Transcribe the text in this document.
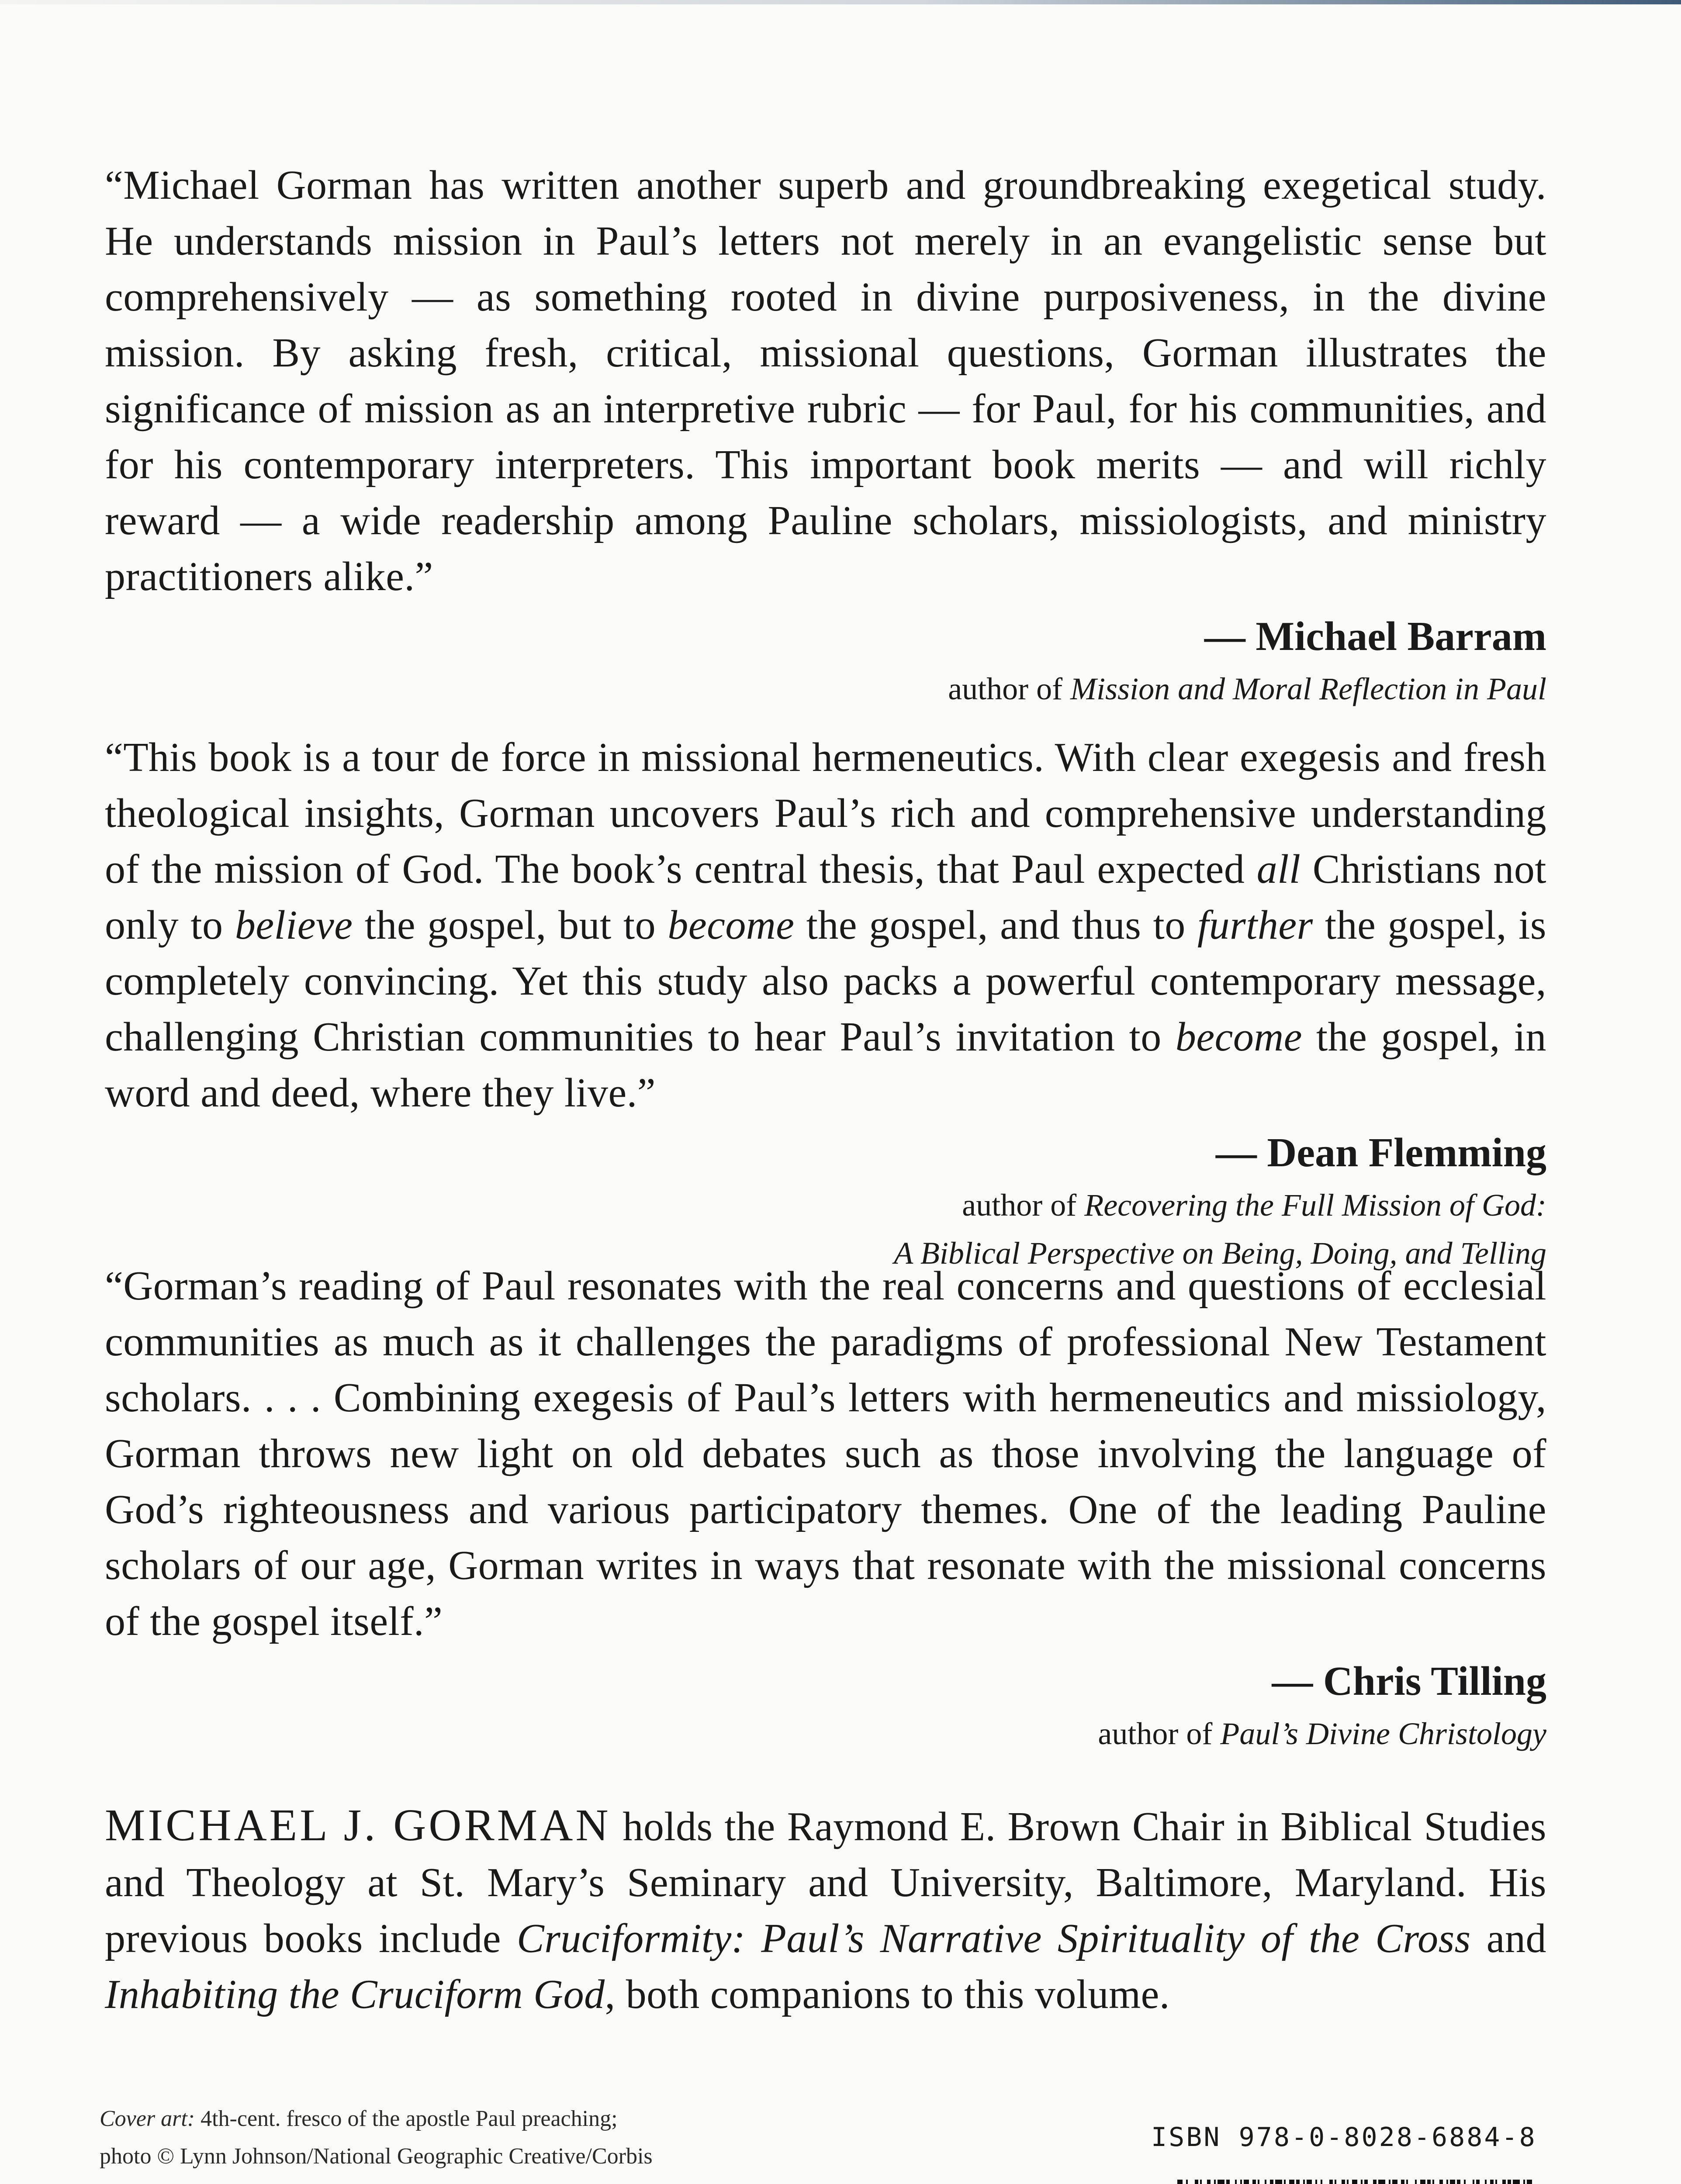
“Michael Gorman has written another superb and groundbreaking exegetical study. He understands mission in Paul’s letters not merely in an evangelistic sense but comprehensively — as something rooted in divine purposiveness, in the divine mission. By asking fresh, critical, missional questions, Gorman illustrates the significance of mission as an interpretive rubric — for Paul, for his communities, and for his contemporary interpreters. This important book merits — and will richly reward — a wide readership among Pauline scholars, missiologists, and ministry practitioners alike.”

— Michael Barram
author of Mission and Moral Reflection in Paul

“This book is a tour de force in missional hermeneutics. With clear exegesis and fresh theological insights, Gorman uncovers Paul’s rich and comprehensive understanding of the mission of God. The book’s central thesis, that Paul expected all Christians not only to believe the gospel, but to become the gospel, and thus to further the gospel, is completely convincing. Yet this study also packs a powerful contemporary message, challenging Christian communities to hear Paul’s invitation to become the gospel, in word and deed, where they live.”

— Dean Flemming
author of Recovering the Full Mission of God:
A Biblical Perspective on Being, Doing, and Telling

“Gorman’s reading of Paul resonates with the real concerns and questions of ecclesial communities as much as it challenges the paradigms of professional New Testament scholars. . . . Combining exegesis of Paul’s letters with hermeneutics and missiology, Gorman throws new light on old debates such as those involving the language of God’s righteousness and various participatory themes. One of the leading Pauline scholars of our age, Gorman writes in ways that resonate with the missional concerns of the gospel itself.”

— Chris Tilling
author of Paul’s Divine Christology

MICHAEL J. GORMAN holds the Raymond E. Brown Chair in Biblical Studies and Theology at St. Mary’s Seminary and University, Baltimore, Maryland. His previous books include Cruciformity: Paul’s Narrative Spirituality of the Cross and Inhabiting the Cruciform God, both companions to this volume.

Cover art: 4th-cent. fresco of the apostle Paul preaching;
photo © Lynn Johnson/National Geographic Creative/Corbis
ISBN 978-0-8028-6884-8
